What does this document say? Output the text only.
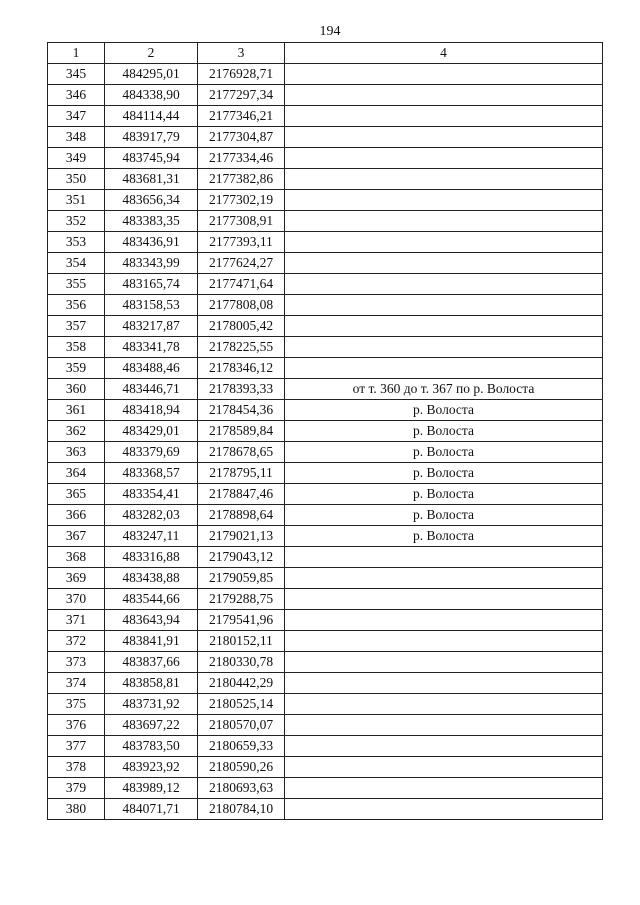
194
1	2	3	4
345	484295,01	2176928,71	
346	484338,90	2177297,34	
347	484114,44	2177346,21	
348	483917,79	2177304,87	
349	483745,94	2177334,46	
350	483681,31	2177382,86	
351	483656,34	2177302,19	
352	483383,35	2177308,91	
353	483436,91	2177393,11	
354	483343,99	2177624,27	
355	483165,74	2177471,64	
356	483158,53	2177808,08	
357	483217,87	2178005,42	
358	483341,78	2178225,55	
359	483488,46	2178346,12	
360	483446,71	2178393,33	от т. 360 до т. 367 по р. Волоста
361	483418,94	2178454,36	р. Волоста
362	483429,01	2178589,84	р. Волоста
363	483379,69	2178678,65	р. Волоста
364	483368,57	2178795,11	р. Волоста
365	483354,41	2178847,46	р. Волоста
366	483282,03	2178898,64	р. Волоста
367	483247,11	2179021,13	р. Волоста
368	483316,88	2179043,12	
369	483438,88	2179059,85	
370	483544,66	2179288,75	
371	483643,94	2179541,96	
372	483841,91	2180152,11	
373	483837,66	2180330,78	
374	483858,81	2180442,29	
375	483731,92	2180525,14	
376	483697,22	2180570,07	
377	483783,50	2180659,33	
378	483923,92	2180590,26	
379	483989,12	2180693,63	
380	484071,71	2180784,10	
